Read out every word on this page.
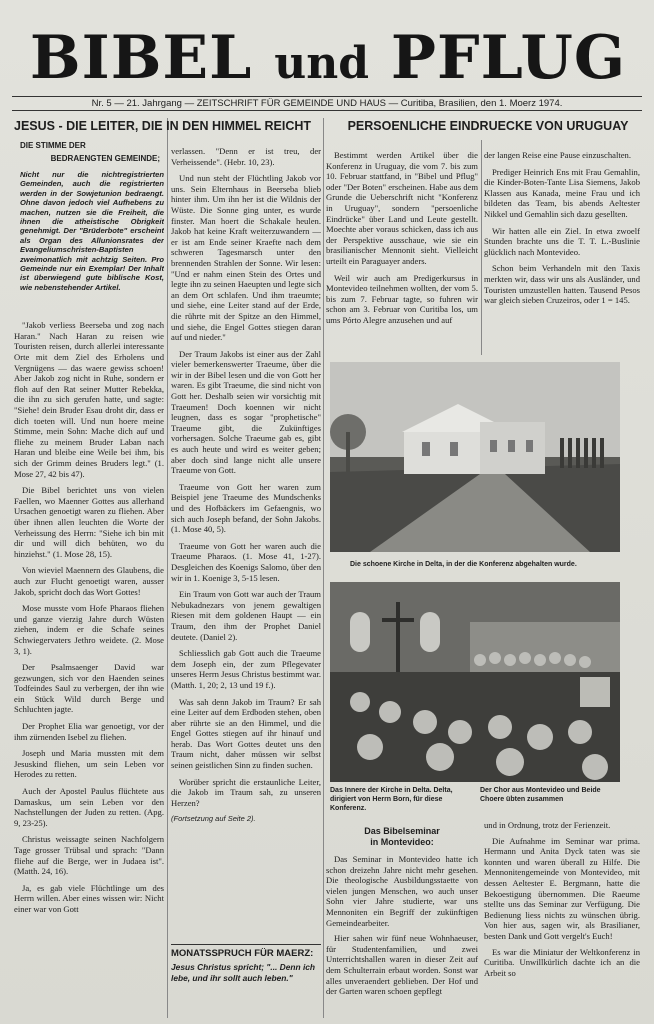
BIBEL und PFLUG
Nr. 5 — 21. Jahrgang — ZEITSCHRIFT FÜR GEMEINDE UND HAUS — Curitiba, Brasilien, den 1. Moerz 1974.
JESUS - DIE LEITER, DIE IN DEN HIMMEL REICHT
DIE STIMME DER
BEDRAENGTEN GEMEINDE;
Nicht nur die nichtregistrierten Gemeinden, auch die registrierten werden in der Sowjetunion bedraengt. Ohne davon jedoch viel Aufhebens zu machen, nutzen sie die Freiheit, die ihnen die atheistische Obrigkeit genehmigt. Der "Brüderbote" erscheint als Organ des Allunionsrates der Evangeliumschristen-Baptisten zweimonatlich mit achtzig Seiten. Pro Gemeinde nur ein Exemplar! Der Inhalt ist überwiegend gute biblische Kost, wie nebenstehender Artikel.

"Jakob verliess Beerseba und zog nach Haran." Nach Haran zu reisen wie Touristen reisen, durch allerlei interessante Orte mit dem Ziel des Erholens und Vergnügens — das waere gewiss schoen! Aber Jakob zog nicht in Ruhe, sondern er floh auf den Rat seiner Mutter Rebekka, die ihn zu sich gerufen hatte, und sagte: "Siehe! dein Bruder Esau droht dir, dass er dich toeten will. Und nun hoere meine Stimme, mein Sohn: Mache dich auf und fliehe zu meinem Bruder Laban nach Haran und bleibe eine Weile bei ihm, bis sich der Grimm deines Bruders legt." (1. Mose 27, 42 bis 47).

Die Bibel berichtet uns von vielen Faellen, wo Maenner Gottes aus allerhand Ursachen genoetigt waren zu fliehen. Aber über ihnen allen leuchten die Worte der Verheissung des Herrn: "Siehe ich bin mit dir und will dich behüten, wo du hinziehst." (1. Mose 28, 15).

Von wieviel Maennern des Glaubens, die auch zur Flucht genoetigt waren, ausser Jakob, spricht doch das Wort Gottes!

Mose musste vom Hofe Pharaos fliehen und ganze vierzig Jahre durch Wüsten ziehen, indem er die Schafe seines Schwiegervaters Jethro weidete. (2. Mose 3, 1).

Der Psalmsaenger David war gezwungen, sich vor den Haenden seines Todfeindes Saul zu verbergen, der ihn wie ein Stück Wild durch Berge und Schluchten jagte.

Der Prophet Elia war genoetigt, vor der ihm zürnenden Isebel zu fliehen.

Joseph und Maria mussten mit dem Jesuskind fliehen, um sein Leben vor Herodes zu retten.

Auch der Apostel Paulus flüchtete aus Damaskus, um sein Leben vor den Nachstellungen der Juden zu retten. (Apg. 9, 23-25).

Christus weissagte seinen Nachfolgern Tage grosser Trübsal und sprach: "Dann fliehe auf die Berge, wer in Judaea ist". (Matth. 24, 16).

Ja, es gab viele Flüchtlinge um des Herrn willen. Aber eines wissen wir: Nicht einer war von Gott

verlassen. "Denn er ist treu, der Verheissende". (Hebr. 10, 23).

Und nun steht der Flüchtling Jakob vor uns. Sein Elternhaus in Beerseba blieb hinter ihm. Um ihn her ist die Wildnis der Wüste. Die Sonne ging unter, es wurde finster. Man hoert die Schakale heulen. Jakob hat keine Kraft weiterzuwandern — er ist am Ende seiner Kraefte nach dem schweren Tagesmarsch unter den brennenden Strahlen der Sonne. Wir lesen: "Und er nahm einen Stein des Ortes und legte ihn zu seinen Haeupten und legte sich an dem Ort schlafen. Und ihm traeumte; und siehe, eine Leiter stand auf der Erde, die rührte mit der Spitze an den Himmel, und siehe, die Engel Gottes stiegen daran auf und nieder."

Der Traum Jakobs ist einer aus der Zahl vieler bemerkenswerter Traeume, über die wir in der Bibel lesen und die von Gott her waren. Es gibt Traeume, die sind nicht von Gott her. Deshalb seien wir vorsichtig mit Traeumen! Doch koennen wir nicht leugnen, dass es sogar "prophetische" Traeume gibt, die Zukünftiges vorhersagen. Solche Traeume gab es, gibt es auch heute und wird es weiter geben; aber doch sind lange nicht alle unsere Traeume von Gott.

Traeume von Gott her waren zum Beispiel jene Traeume des Mundschenks und des Hofbäckers im Gefaengnis, wo sich auch Joseph befand, der Sohn Jakobs. (1. Mose 40, 5).

Traeume von Gott her waren auch die Traeume Pharaos. (1. Mose 41, 1-27). Desgleichen des Koenigs Salomo, über den wir in 1. Koenige 3, 5-15 lesen.

Ein Traum von Gott war auch der Traum Nebukadnezars von jenem gewaltigen Riesen mit dem goldenen Haupt — ein Traum, den ihm der Prophet Daniel deutete. (Daniel 2).

Schliesslich gab Gott auch die Traeume dem Joseph ein, der zum Pflegevater unseres Herrn Jesus Christus bestimmt war. (Matth. 1, 20; 2, 13 und 19 f.).

Was sah denn Jakob im Traum? Er sah eine Leiter auf dem Erdboden stehen, oben aber rührte sie an den Himmel, und die Engel Gottes stiegen auf ihr hinauf und herab. Das Wort Gottes deutet uns den Traum nicht, daher müssen wir selbst seinen geistlichen Sinn zu finden suchen.

Worüber spricht die erstaunliche Leiter, die Jakob im Traum sah, zu unseren Herzen?

(Fortsetzung auf Seite 2).
MONATSSPRUCH FÜR MAERZ:
Jesus Christus spricht; "... Denn ich lebe, und ihr sollt auch leben."
PERSOENLICHE EINDRUECKE VON URUGUAY

Bestimmt werden Artikel über die Konferenz in Uruguay, die vom 7. bis zum 10. Februar stattfand, in "Bibel und Pflug" oder "Der Boten" erscheinen. Habe aus dem Grunde die Ueberschrift nicht "Konferenz in Uruguay", sondern "persoenliche Eindrücke" über Land und Leute gestellt. Moechte aber voraus schicken, dass ich aus der Perspektive ausschaue, wie sie ein brasilianischer Mennonit sieht. Vielleicht urteilt ein Paraguayer anders.

Weil wir auch am Predigerkursus in Montevideo teilnehmen wollten, der vom 5. bis zum 7. Februar tagte, so fuhren wir schon am 3. Februar von Curitiba los, um ums Pórto Alegre anzusehen und auf

der langen Reise eine Pause einzuschalten.

Prediger Heinrich Ens mit Frau Gemahlin, die Kinder-Boten-Tante Lisa Siemens, Jakob Klassen aus Kanada, meine Frau und ich bildeten das Team, bis abends Aeltester Nikkel und Gemahlin sich dazu gesellten.

Wir hatten alle ein Ziel. In etwa zwoelf Stunden brachte uns die T. T. L.-Buslinie glücklich nach Montevideo.

Schon beim Verhandeln mit den Taxis merkten wir, dass wir uns als Ausländer, und Touristen umzustellen hatten. Tausend Pesos war gleich sieben Cruzeiros, oder 1 = 145.

Die schoene Kirche in Delta, in der die Konferenz abgehalten wurde.
Das Innere der Kirche in Delta. Delta, dirigiert von Herrn Born, für diese Konferenz.
Der Chor aus Montevideo und Beide Choere übten zusammen
Das Bibelseminar
in Montevideo:

Das Seminar in Montevideo hatte ich schon dreizehn Jahre nicht mehr gesehen. Die theologische Ausbildungsstaette von vielen jungen Menschen, wo auch unser Sohn vier Jahre studierte, war uns Mennoniten ein Begriff der zukünftigen Gemeindearbeiter.

Hier sahen wir fünf neue Wohnhaeuser, für Studentenfamilien, und zwei Unterrichtshallen waren in dieser Zeit auf dem Schulterrain erbaut worden. Sonst war alles unveraendert geblieben. Der Hof und der Garten waren schoen gepflegt

und in Ordnung, trotz der Ferienzeit.

Die Aufnahme im Seminar war prima. Hermann und Anita Dyck taten was sie konnten und waren überall zu Hilfe. Die Mennonitengemeinde von Montevideo, mit dessen Aeltester E. Bergmann, hatte die Bekoestigung übernommen. Die Raeume stellte uns das Seminar zur Verfügung. Die Bedienung liess nichts zu wünschen übrig. Von hier aus, sagen wir, als Brasilianer, besten Dank und Gott vergelt's Euch!

Es war die Miniatur der Weltkonferenz in Curitiba. Unwillkürlich dachte ich an die Arbeit so
